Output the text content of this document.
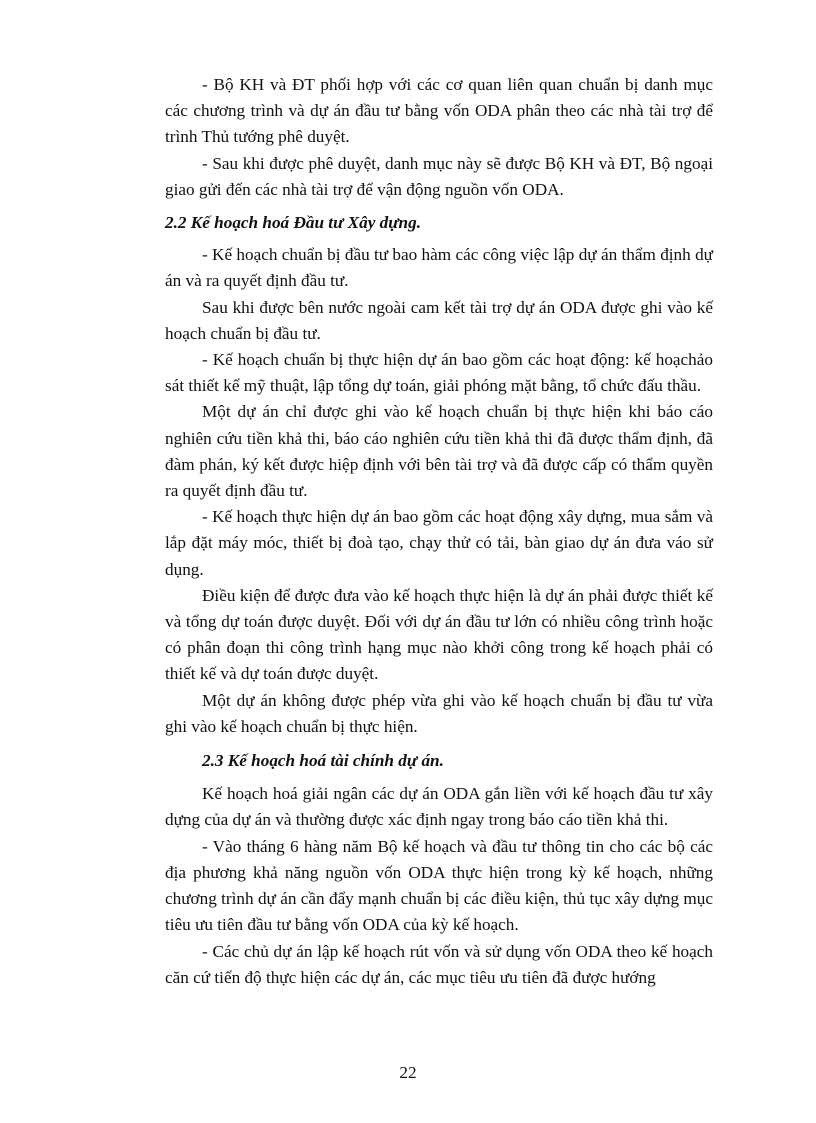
- Bộ KH và ĐT phối hợp với các cơ quan liên quan chuẩn bị danh mục các chương trình và dự án đầu tư bằng vốn ODA phân theo các nhà tài trợ để trình Thủ tướng phê duyệt.

- Sau khi được phê duyệt, danh mục này sẽ được Bộ KH và ĐT, Bộ ngoại giao gửi đến các nhà tài trợ để vận động nguồn vốn ODA.

2.2 Kế hoạch hoá Đầu tư Xây dựng.

- Kế hoạch chuẩn bị đầu tư bao hàm các công việc lập dự án thẩm định dự án và ra quyết định đầu tư.

Sau khi được bên nước ngoài cam kết tài trợ dự án ODA được ghi vào kế hoạch chuẩn bị đầu tư.

- Kế hoạch chuẩn bị thực hiện dự án bao gồm các hoạt động: kế hoạchảo sát thiết kế mỹ thuật, lập tổng dự toán, giải phóng mặt bằng, tổ chức đấu thầu.

Một dự án chỉ được ghi vào kế hoạch chuẩn bị thực hiện khi báo cáo nghiên cứu tiền khả thi, báo cáo nghiên cứu tiền khả thi đã được thẩm định, đã đàm phán, ký kết được hiệp định với bên tài trợ và đã được cấp có thẩm quyền ra quyết định đầu tư.

- Kế hoạch thực hiện dự án bao gồm các hoạt động xây dựng, mua sắm và lắp đặt máy móc, thiết bị đoà tạo, chạy thử có tải, bàn giao dự án đưa váo sử dụng.

Điều kiện để được đưa vào kế hoạch thực hiện là dự án phải được thiết kế và tổng dự toán được duyệt. Đối với dự án đầu tư lớn có nhiều công trình hoặc có phân đoạn thi công trình hạng mục nào khởi công trong kế hoạch phải có thiết kế và dự toán được duyệt.

Một dự án không được phép vừa ghi vào kế hoạch chuẩn bị đầu tư vừa ghi vào kế hoạch chuẩn bị thực hiện.

2.3 Kế hoạch hoá tài chính dự án.

Kế hoạch hoá giải ngân các dự án ODA gắn liền với kế hoạch đầu tư xây dựng của dự án và thường được xác định ngay trong báo cáo tiền khả thi.

- Vào tháng 6 hàng năm Bộ kế hoạch và đầu tư thông tin cho các bộ các địa phương khả năng nguồn vốn ODA thực hiện trong kỳ kế hoạch, những chương trình dự án cần đẩy mạnh chuẩn bị các điều kiện, thủ tục xây dựng mục tiêu ưu tiên đầu tư bằng vốn ODA của kỳ kế hoạch.

- Các chủ dự án lập kế hoạch rút vốn và sử dụng vốn ODA theo kế hoạch căn cứ tiến độ thực hiện các dự án, các mục tiêu ưu tiên đã được hướng

22
